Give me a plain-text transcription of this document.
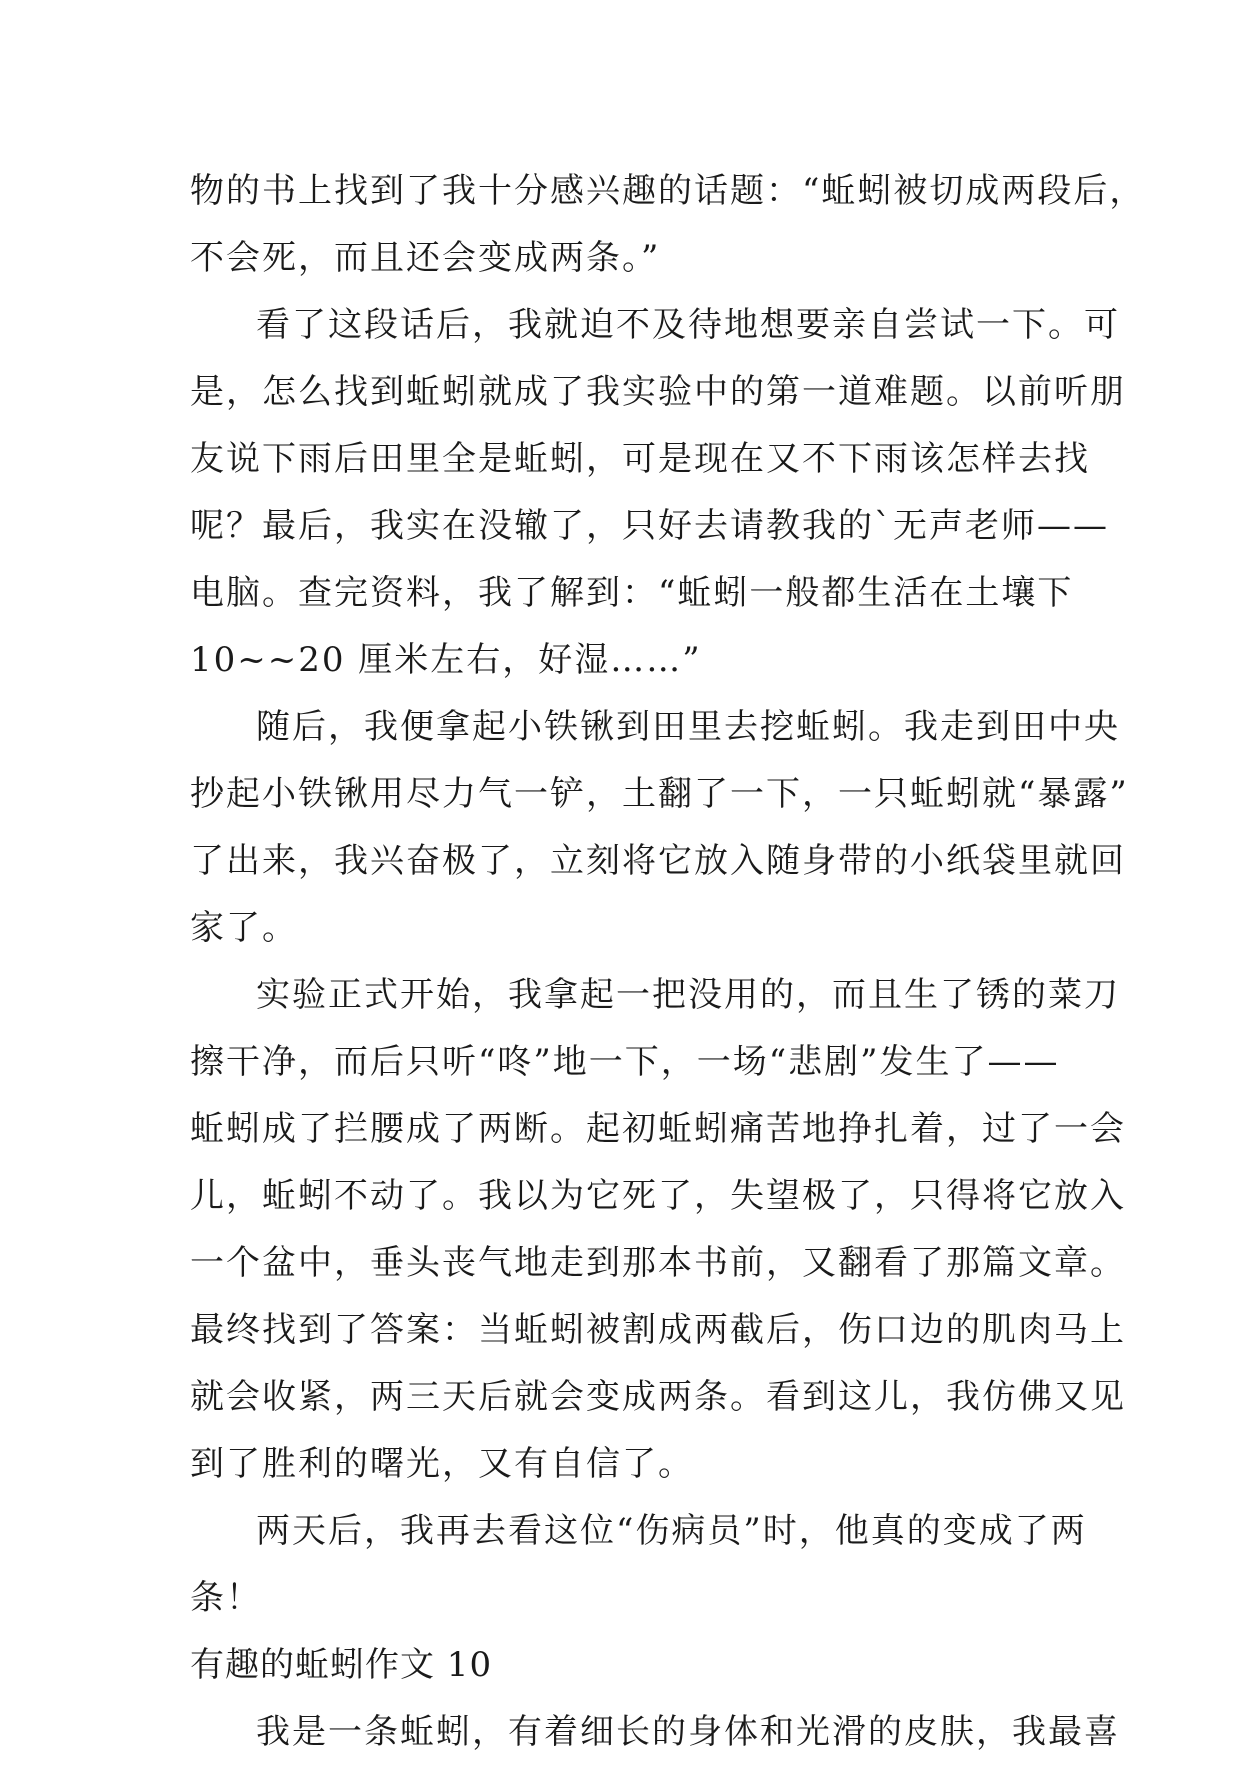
物的书上找到了我十分感兴趣的话题：“蚯蚓被切成两段后，
不会死，而且还会变成两条。”
看了这段话后，我就迫不及待地想要亲自尝试一下。可
是，怎么找到蚯蚓就成了我实验中的第一道难题。以前听朋
友说下雨后田里全是蚯蚓，可是现在又不下雨该怎样去找
呢？最后，我实在没辙了，只好去请教我的`无声老师——
电脑。查完资料，我了解到：“蚯蚓一般都生活在土壤下
10~~20 厘米左右，好湿……”
随后，我便拿起小铁锹到田里去挖蚯蚓。我走到田中央
抄起小铁锹用尽力气一铲，土翻了一下，一只蚯蚓就“暴露”
了出来，我兴奋极了，立刻将它放入随身带的小纸袋里就回
家了。
实验正式开始，我拿起一把没用的，而且生了锈的菜刀
擦干净，而后只听“咚”地一下，一场“悲剧”发生了——
蚯蚓成了拦腰成了两断。起初蚯蚓痛苦地挣扎着，过了一会
儿，蚯蚓不动了。我以为它死了，失望极了，只得将它放入
一个盆中，垂头丧气地走到那本书前，又翻看了那篇文章。
最终找到了答案：当蚯蚓被割成两截后，伤口边的肌肉马上
就会收紧，两三天后就会变成两条。看到这儿，我仿佛又见
到了胜利的曙光，又有自信了。
两天后，我再去看这位“伤病员”时，他真的变成了两
条！
有趣的蚯蚓作文 10
我是一条蚯蚓，有着细长的身体和光滑的皮肤，我最喜
